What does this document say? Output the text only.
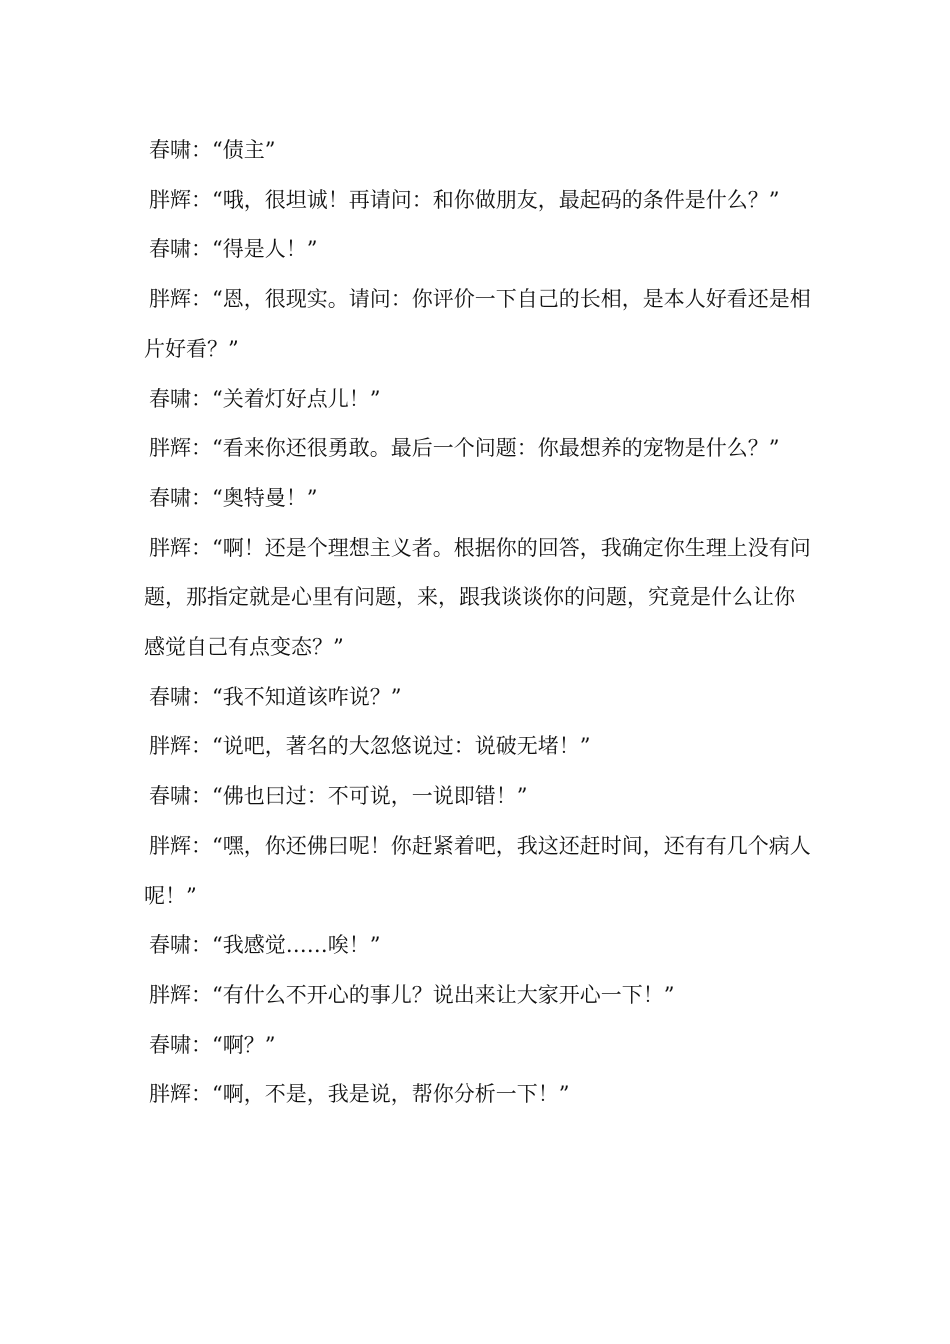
春啸：“债主”

胖辉：“哦，很坦诚！再请问：和你做朋友，最起码的条件是什么？”

春啸：“得是人！”

胖辉：“恩，很现实。请问：你评价一下自己的长相，是本人好看还是相片好看？”

春啸：“关着灯好点儿！”

胖辉：“看来你还很勇敢。最后一个问题：你最想养的宠物是什么？”

春啸：“奥特曼！”

胖辉：“啊！还是个理想主义者。根据你的回答，我确定你生理上没有问题，那指定就是心里有问题，来，跟我谈谈你的问题，究竟是什么让你感觉自己有点变态？”

春啸：“我不知道该咋说？”

胖辉：“说吧，著名的大忽悠说过：说破无堵！”

春啸：“佛也曰过：不可说，一说即错！”

胖辉：“嘿，你还佛曰呢！你赶紧着吧，我这还赶时间，还有有几个病人呢！”

春啸：“我感觉……唉！”

胖辉：“有什么不开心的事儿？说出来让大家开心一下！”

春啸：“啊？”

胖辉：“啊，不是，我是说，帮你分析一下！”
